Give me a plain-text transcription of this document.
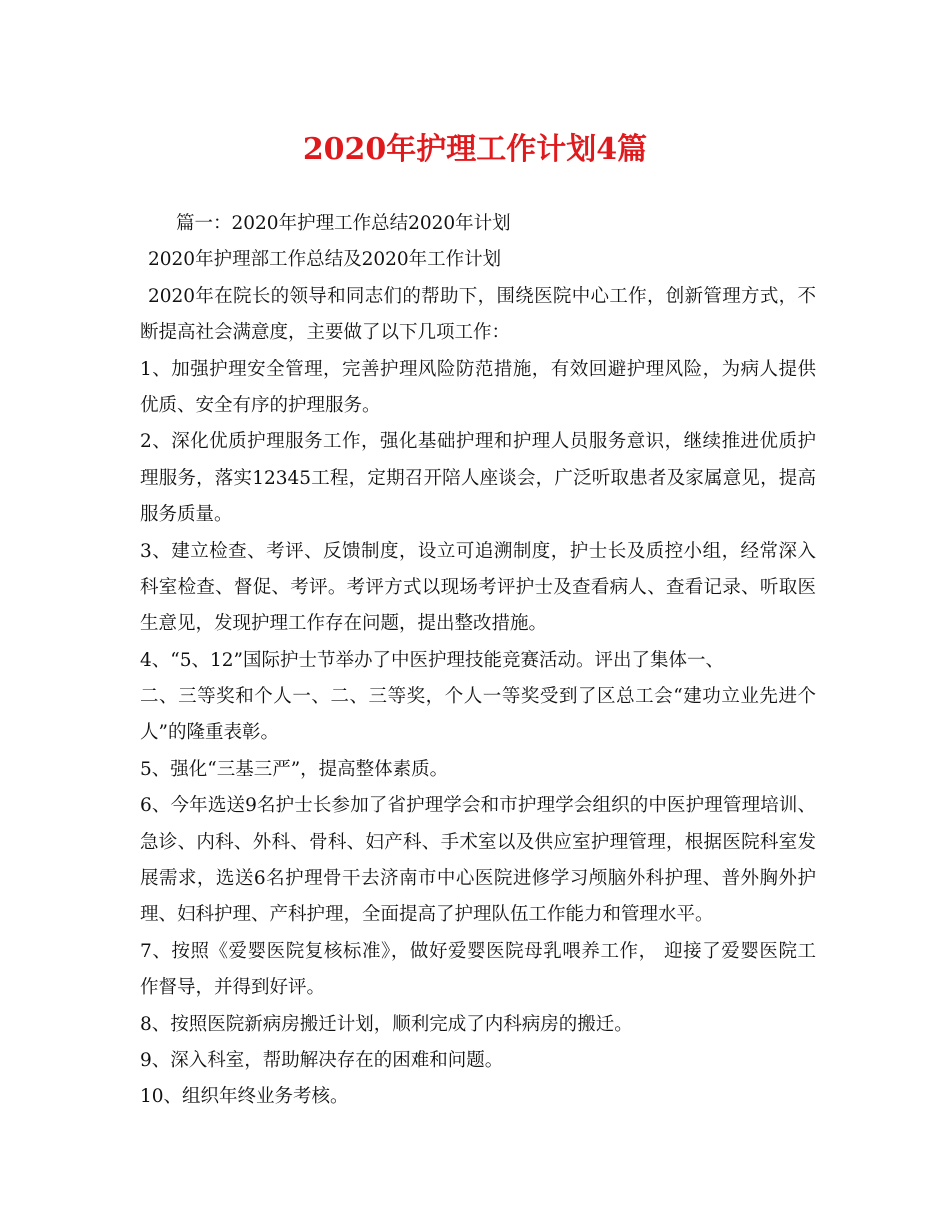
2020年护理工作计划4篇
篇一：2020年护理工作总结2020年计划
2020年护理部工作总结及2020年工作计划
2020年在院长的领导和同志们的帮助下，围绕医院中心工作，创新管理方式，不
断提高社会满意度，主要做了以下几项工作：
1、加强护理安全管理，完善护理风险防范措施，有效回避护理风险，为病人提供
优质、安全有序的护理服务。
2、深化优质护理服务工作，强化基础护理和护理人员服务意识，继续推进优质护
理服务，落实12345工程，定期召开陪人座谈会，广泛听取患者及家属意见，提高
服务质量。
3、建立检查、考评、反馈制度，设立可追溯制度，护士长及质控小组，经常深入
科室检查、督促、考评。考评方式以现场考评护士及查看病人、查看记录、听取医
生意见，发现护理工作存在问题，提出整改措施。
4、“5、12”国际护士节举办了中医护理技能竞赛活动。评出了集体一、
二、三等奖和个人一、二、三等奖，个人一等奖受到了区总工会“建功立业先进个
人”的隆重表彰。
5、强化“三基三严”，提高整体素质。
6、今年选送9名护士长参加了省护理学会和市护理学会组织的中医护理管理培训、
急诊、内科、外科、骨科、妇产科、手术室以及供应室护理管理，根据医院科室发
展需求，选送6名护理骨干去济南市中心医院进修学习颅脑外科护理、普外胸外护
理、妇科护理、产科护理，全面提高了护理队伍工作能力和管理水平。
7、按照《爱婴医院复核标准》，做好爱婴医院母乳喂养工作， 迎接了爱婴医院工
作督导，并得到好评。
8、按照医院新病房搬迁计划，顺利完成了内科病房的搬迁。
9、深入科室，帮助解决存在的困难和问题。
10、组织年终业务考核。
